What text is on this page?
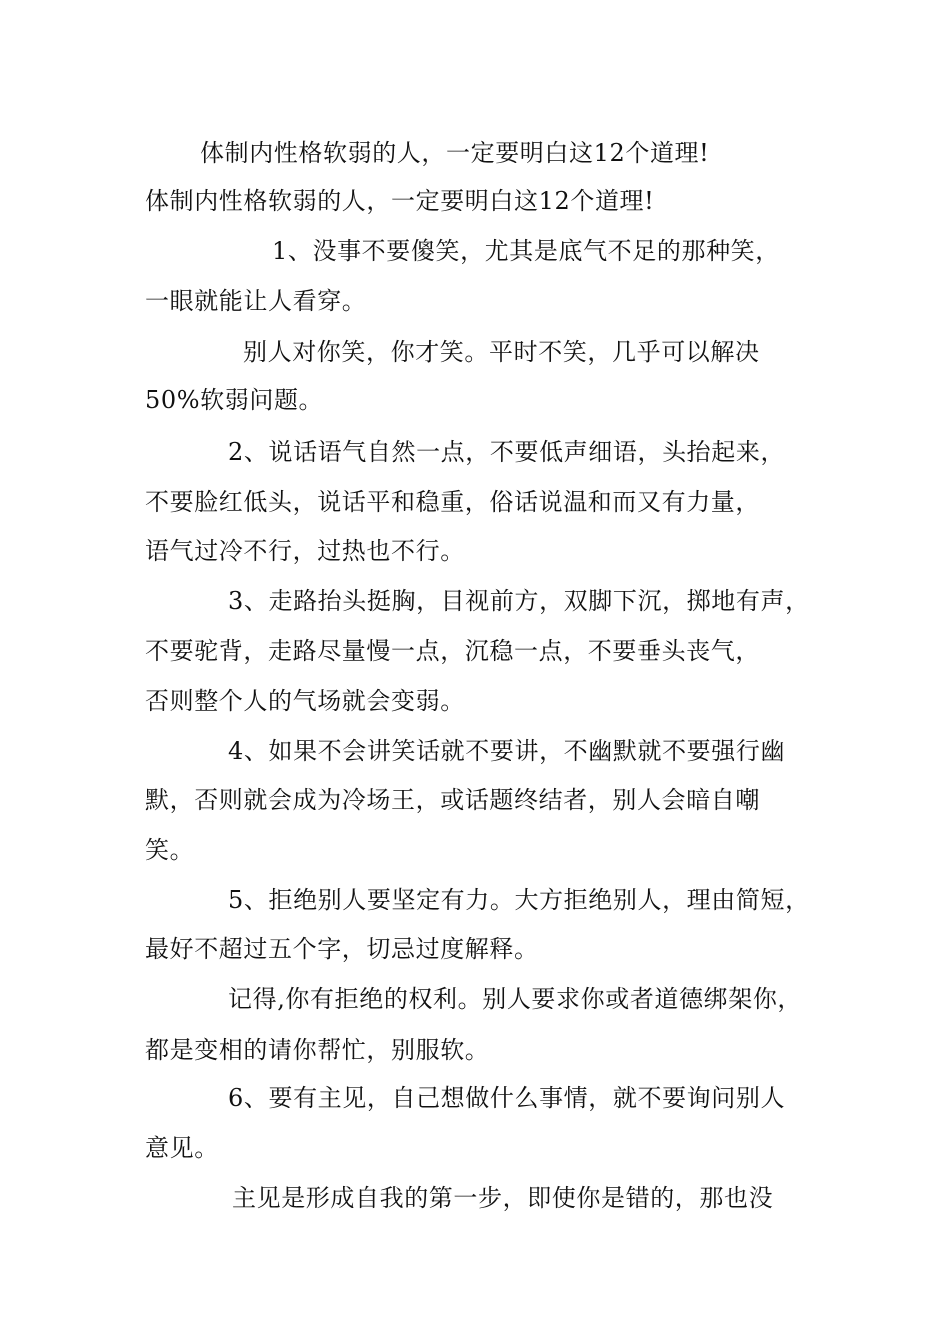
体制内性格软弱的人，一定要明白这12个道理!
体制内性格软弱的人，一定要明白这12个道理!
1、没事不要傻笑，尤其是底气不足的那种笑，
一眼就能让人看穿。
别人对你笑，你才笑。平时不笑，几乎可以解决
50%软弱问题。
2、说话语气自然一点，不要低声细语，头抬起来，
不要脸红低头，说话平和稳重，俗话说温和而又有力量，
语气过冷不行，过热也不行。
3、走路抬头挺胸，目视前方，双脚下沉，掷地有声，
不要驼背，走路尽量慢一点，沉稳一点，不要垂头丧气，
否则整个人的气场就会变弱。
4、如果不会讲笑话就不要讲，不幽默就不要强行幽
默，否则就会成为冷场王，或话题终结者，别人会暗自嘲
笑。
5、拒绝别人要坚定有力。大方拒绝别人，理由简短，
最好不超过五个字，切忌过度解释。
记得,你有拒绝的权利。别人要求你或者道德绑架你，
都是变相的请你帮忙，别服软。
6、要有主见，自己想做什么事情，就不要询问别人
意见。
主见是形成自我的第一步，即使你是错的，那也没
